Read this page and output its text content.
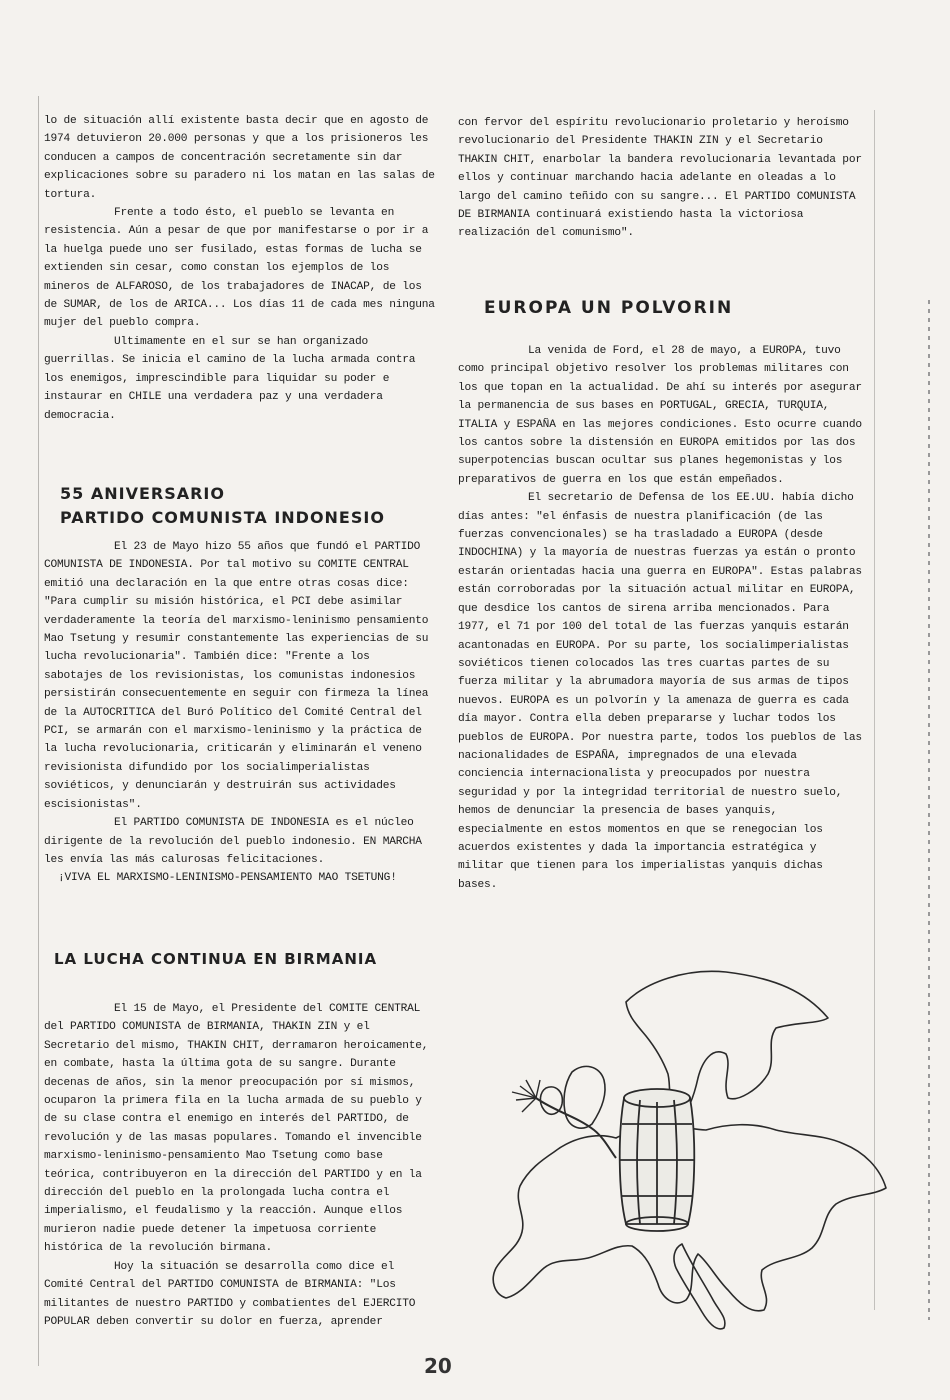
lo de situación allí existente basta decir que en agosto de 1974 detuvieron 20.000 personas y que a los prisioneros les conducen a campos de concentración secretamente sin dar explicaciones sobre su paradero ni los matan en las salas de tortura.

Frente a todo ésto, el pueblo se levanta en resistencia. Aún a pesar de que por manifestarse o por ir a la huelga puede uno ser fusilado, estas formas de lucha se extienden sin cesar, como constan los ejemplos de los mineros de ALFAROSO, de los trabajadores de INACAP, de los de SUMAR, de los de ARICA... Los días 11 de cada mes ninguna mujer del pueblo compra.

Ultimamente en el sur se han organizado guerrillas. Se inicia el camino de la lucha armada contra los enemigos, imprescindible para liquidar su poder e instaurar en CHILE una verdadera paz y una verdadera democracia.

55 ANIVERSARIO
PARTIDO COMUNISTA INDONESIO

El 23 de Mayo hizo 55 años que fundó el PARTIDO COMUNISTA DE INDONESIA. Por tal motivo su COMITE CENTRAL emitió una declaración en la que entre otras cosas dice: "Para cumplir su misión histórica, el PCI debe asimilar verdaderamente la teoría del marxismo-leninismo pensamiento Mao Tsetung y resumir constantemente las experiencias de su lucha revolucionaria". También dice: "Frente a los sabotajes de los revisionistas, los comunistas indonesios persistirán consecuentemente en seguir con firmeza la línea de la AUTOCRITICA del Buró Político del Comité Central del PCI, se armarán con el marxismo-leninismo y la práctica de la lucha revolucionaria, criticarán y eliminarán el veneno revisionista difundido por los socialimperialistas soviéticos, y denunciarán y destruirán sus actividades escisionistas".

El PARTIDO COMUNISTA DE INDONESIA es el núcleo dirigente de la revolución del pueblo indonesio. EN MARCHA les envía las más calurosas felicitaciones.

¡VIVA EL MARXISMO-LENINISMO-PENSAMIENTO MAO TSETUNG!

LA LUCHA CONTINUA EN BIRMANIA

El 15 de Mayo, el Presidente del COMITE CENTRAL del PARTIDO COMUNISTA de BIRMANIA, THAKIN ZIN y el Secretario del mismo, THAKIN CHIT, derramaron heroicamente, en combate, hasta la última gota de su sangre. Durante decenas de años, sin la menor preocupación por sí mismos, ocuparon la primera fila en la lucha armada de su pueblo y de su clase contra el enemigo en interés del PARTIDO, de revolución y de las masas populares. Tomando el invencible marxismo-leninismo-pensamiento Mao Tsetung como base teórica, contribuyeron en la dirección del PARTIDO y en la dirección del pueblo en la prolongada lucha contra el imperialismo, el feudalismo y la reacción. Aunque ellos murieron nadie puede detener la impetuosa corriente histórica de la revolución birmana.

Hoy la situación se desarrolla como dice el Comité Central del PARTIDO COMUNISTA de BIRMANIA: "Los militantes de nuestro PARTIDO y combatientes del EJERCITO POPULAR deben convertir su dolor en fuerza, aprender

con fervor del espíritu revolucionario proletario y heroísmo revolucionario del Presidente THAKIN ZIN y el Secretario THAKIN CHIT, enarbolar la bandera revolucionaria levantada por ellos y continuar marchando hacia adelante en oleadas a lo largo del camino teñido con su sangre... El PARTIDO COMUNISTA DE BIRMANIA continuará existiendo hasta la victoriosa realización del comunismo".

EUROPA UN POLVORIN

La venida de Ford, el 28 de mayo, a EUROPA, tuvo como principal objetivo resolver los problemas militares con los que topan en la actualidad. De ahí su interés por asegurar la permanencia de sus bases en PORTUGAL, GRECIA, TURQUIA, ITALIA y ESPAÑA en las mejores condiciones. Esto ocurre cuando los cantos sobre la distensión en EUROPA emitidos por las dos superpotencias buscan ocultar sus planes hegemonistas y los preparativos de guerra en los que están empeñados.

El secretario de Defensa de los EE.UU. había dicho días antes: "el énfasis de nuestra planificación (de las fuerzas convencionales) se ha trasladado a EUROPA (desde INDOCHINA) y la mayoría de nuestras fuerzas ya están o pronto estarán orientadas hacia una guerra en EUROPA". Estas palabras están corroboradas por la situación actual militar en EUROPA, que desdice los cantos de sirena arriba mencionados. Para 1977, el 71 por 100 del total de las fuerzas yanquis estarán acantonadas en EUROPA. Por su parte, los socialimperialistas soviéticos tienen colocados las tres cuartas partes de su fuerza militar y la abrumadora mayoría de sus armas de tipos nuevos. EUROPA es un polvorín y la amenaza de guerra es cada día mayor. Contra ella deben prepararse y luchar todos los pueblos de EUROPA. Por nuestra parte, todos los pueblos de las nacionalidades de ESPAÑA, impregnados de una elevada conciencia internacionalista y preocupados por nuestra seguridad y por la integridad territorial de nuestro suelo, hemos de denunciar la presencia de bases yanquis, especialmente en estos momentos en que se renegocian los acuerdos existentes y dada la importancia estratégica y militar que tienen para los imperialistas yanquis dichas bases.

20
